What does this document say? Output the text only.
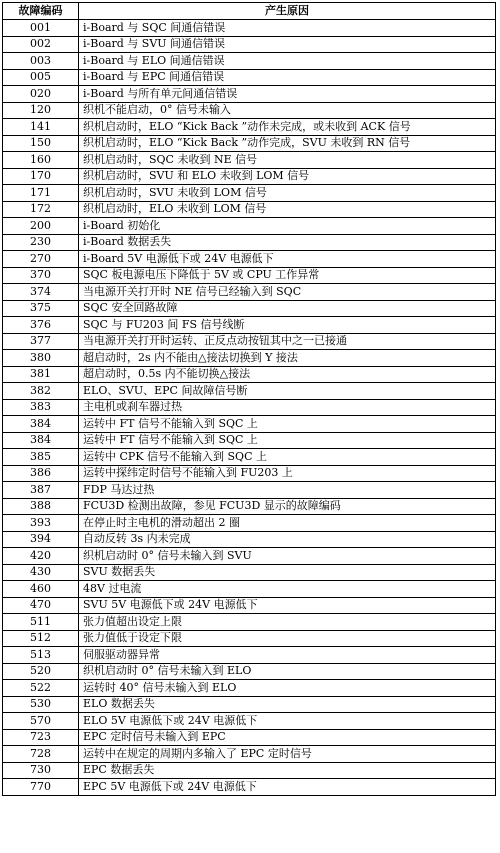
故障编码	产生原因
001	i-Board 与 SQC 间通信错误
002	i-Board 与 SVU 间通信错误
003	i-Board 与 ELO 间通信错误
005	i-Board 与 EPC 间通信错误
020	i-Board 与所有单元间通信错误
120	织机不能启动，0° 信号未输入
141	织机启动时，ELO “Kick Back ”动作未完成，或未收到 ACK 信号
150	织机启动时，ELO “Kick Back ”动作完成，SVU 未收到 RN 信号
160	织机启动时，SQC 未收到 NE 信号
170	织机启动时，SVU 和 ELO 未收到 LOM 信号
171	织机启动时，SVU 未收到 LOM 信号
172	织机启动时，ELO 未收到 LOM 信号
200	i-Board 初始化
230	i-Board 数据丢失
270	i-Board 5V 电源低下或 24V 电源低下
370	SQC 板电源电压下降低于 5V 或 CPU 工作异常
374	当电源开关打开时 NE 信号已经输入到 SQC
375	SQC 安全回路故障
376	SQC 与 FU203 间 FS 信号线断
377	当电源开关打开时运转、正反点动按钮其中之一已接通
380	超启动时，2s 内不能由△接法切换到 Y 接法
381	超启动时，0.5s 内不能切换△接法
382	ELO、SVU、EPC 间故障信号断
383	主电机或刹车器过热
384	运转中 FT 信号不能输入到 SQC 上
384	运转中 FT 信号不能输入到 SQC 上
385	运转中 CPK 信号不能输入到 SQC 上
386	运转中探纬定时信号不能输入到 FU203 上
387	FDP 马达过热
388	FCU3D 检测出故障，参见 FCU3D 显示的故障编码
393	在停止时主电机的滑动超出 2 圈
394	自动反转 3s 内未完成
420	织机启动时 0° 信号未输入到 SVU
430	SVU 数据丢失
460	48V 过电流
470	SVU 5V 电源低下或 24V 电源低下
511	张力值超出设定上限
512	张力值低于设定下限
513	伺服驱动器异常
520	织机启动时 0° 信号未输入到 ELO
522	运转时 40° 信号未输入到 ELO
530	ELO 数据丢失
570	ELO 5V 电源低下或 24V 电源低下
723	EPC 定时信号未输入到 EPC
728	运转中在规定的周期内多输入了 EPC 定时信号
730	EPC 数据丢失
770	EPC 5V 电源低下或 24V 电源低下
